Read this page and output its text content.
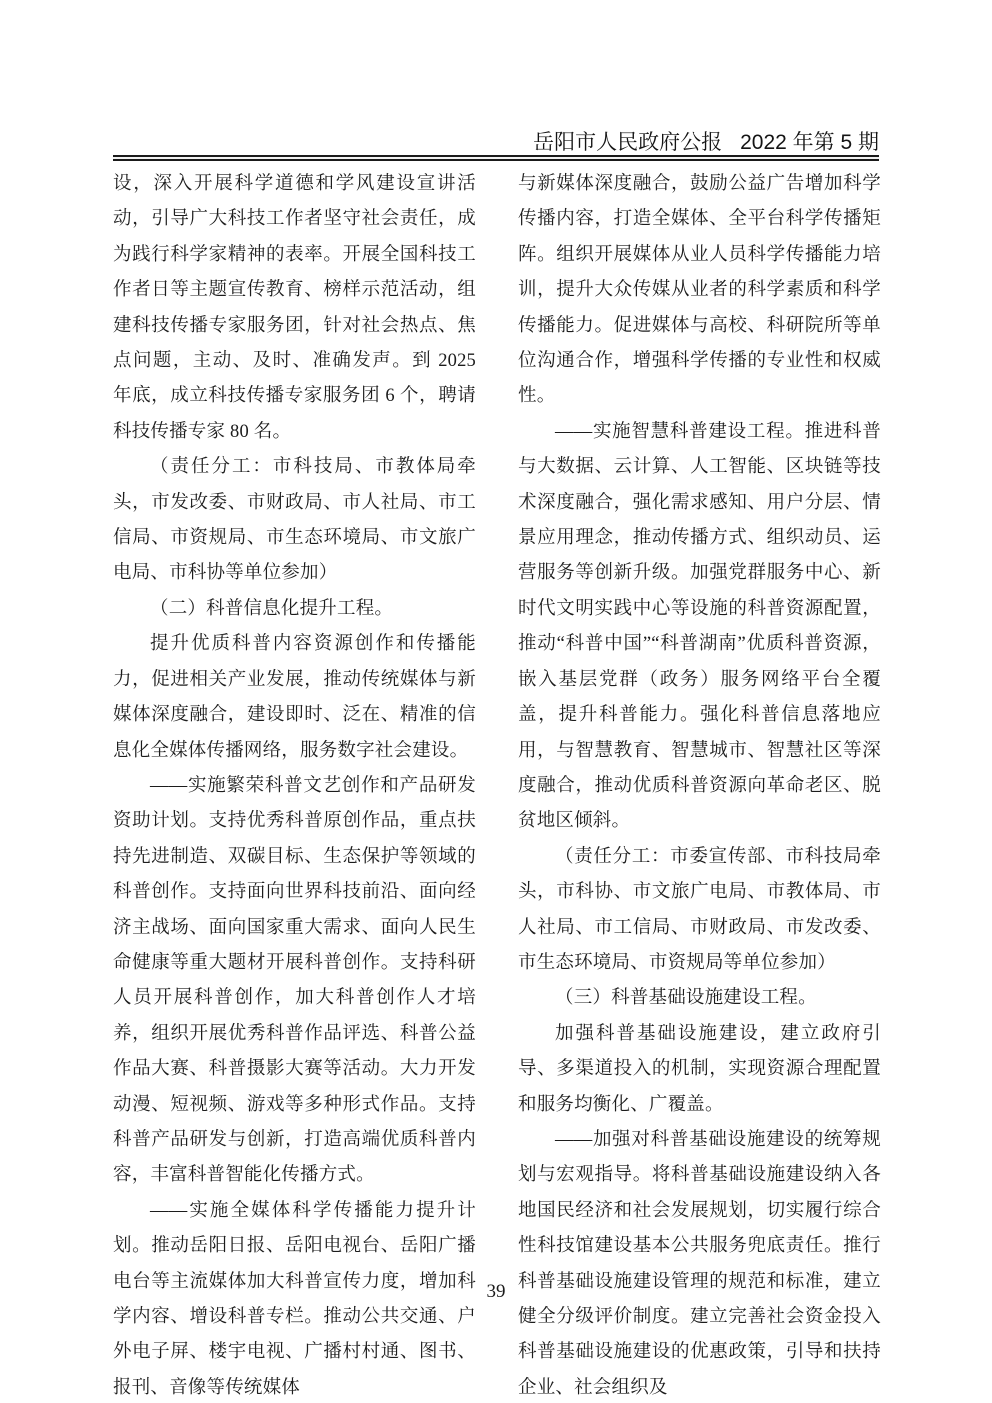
岳阳市人民政府公报 2022 年第 5 期

设，深入开展科学道德和学风建设宣讲活动，引导广大科技工作者坚守社会责任，成为践行科学家精神的表率。开展全国科技工作者日等主题宣传教育、榜样示范活动，组建科技传播专家服务团，针对社会热点、焦点问题，主动、及时、准确发声。到 2025 年底，成立科技传播专家服务团 6 个，聘请科技传播专家 80 名。

（责任分工：市科技局、市教体局牵头，市发改委、市财政局、市人社局、市工信局、市资规局、市生态环境局、市文旅广电局、市科协等单位参加）

（二）科普信息化提升工程。

提升优质科普内容资源创作和传播能力，促进相关产业发展，推动传统媒体与新媒体深度融合，建设即时、泛在、精准的信息化全媒体传播网络，服务数字社会建设。

——实施繁荣科普文艺创作和产品研发资助计划。支持优秀科普原创作品，重点扶持先进制造、双碳目标、生态保护等领域的科普创作。支持面向世界科技前沿、面向经济主战场、面向国家重大需求、面向人民生命健康等重大题材开展科普创作。支持科研人员开展科普创作，加大科普创作人才培养，组织开展优秀科普作品评选、科普公益作品大赛、科普摄影大赛等活动。大力开发动漫、短视频、游戏等多种形式作品。支持科普产品研发与创新，打造高端优质科普内容，丰富科普智能化传播方式。

——实施全媒体科学传播能力提升计划。推动岳阳日报、岳阳电视台、岳阳广播电台等主流媒体加大科普宣传力度，增加科学内容、增设科普专栏。推动公共交通、户外电子屏、楼宇电视、广播村村通、图书、报刊、音像等传统媒体

与新媒体深度融合，鼓励公益广告增加科学传播内容，打造全媒体、全平台科学传播矩阵。组织开展媒体从业人员科学传播能力培训，提升大众传媒从业者的科学素质和科学传播能力。促进媒体与高校、科研院所等单位沟通合作，增强科学传播的专业性和权威性。

——实施智慧科普建设工程。推进科普与大数据、云计算、人工智能、区块链等技术深度融合，强化需求感知、用户分层、情景应用理念，推动传播方式、组织动员、运营服务等创新升级。加强党群服务中心、新时代文明实践中心等设施的科普资源配置，推动“科普中国”“科普湖南”优质科普资源，嵌入基层党群（政务）服务网络平台全覆盖，提升科普能力。强化科普信息落地应用，与智慧教育、智慧城市、智慧社区等深度融合，推动优质科普资源向革命老区、脱贫地区倾斜。

（责任分工：市委宣传部、市科技局牵头，市科协、市文旅广电局、市教体局、市人社局、市工信局、市财政局、市发改委、市生态环境局、市资规局等单位参加）

（三）科普基础设施建设工程。

加强科普基础设施建设，建立政府引导、多渠道投入的机制，实现资源合理配置和服务均衡化、广覆盖。

——加强对科普基础设施建设的统筹规划与宏观指导。将科普基础设施建设纳入各地国民经济和社会发展规划，切实履行综合性科技馆建设基本公共服务兜底责任。推行科普基础设施建设管理的规范和标准，建立健全分级评价制度。建立完善社会资金投入科普基础设施建设的优惠政策，引导和扶持企业、社会组织及

39
